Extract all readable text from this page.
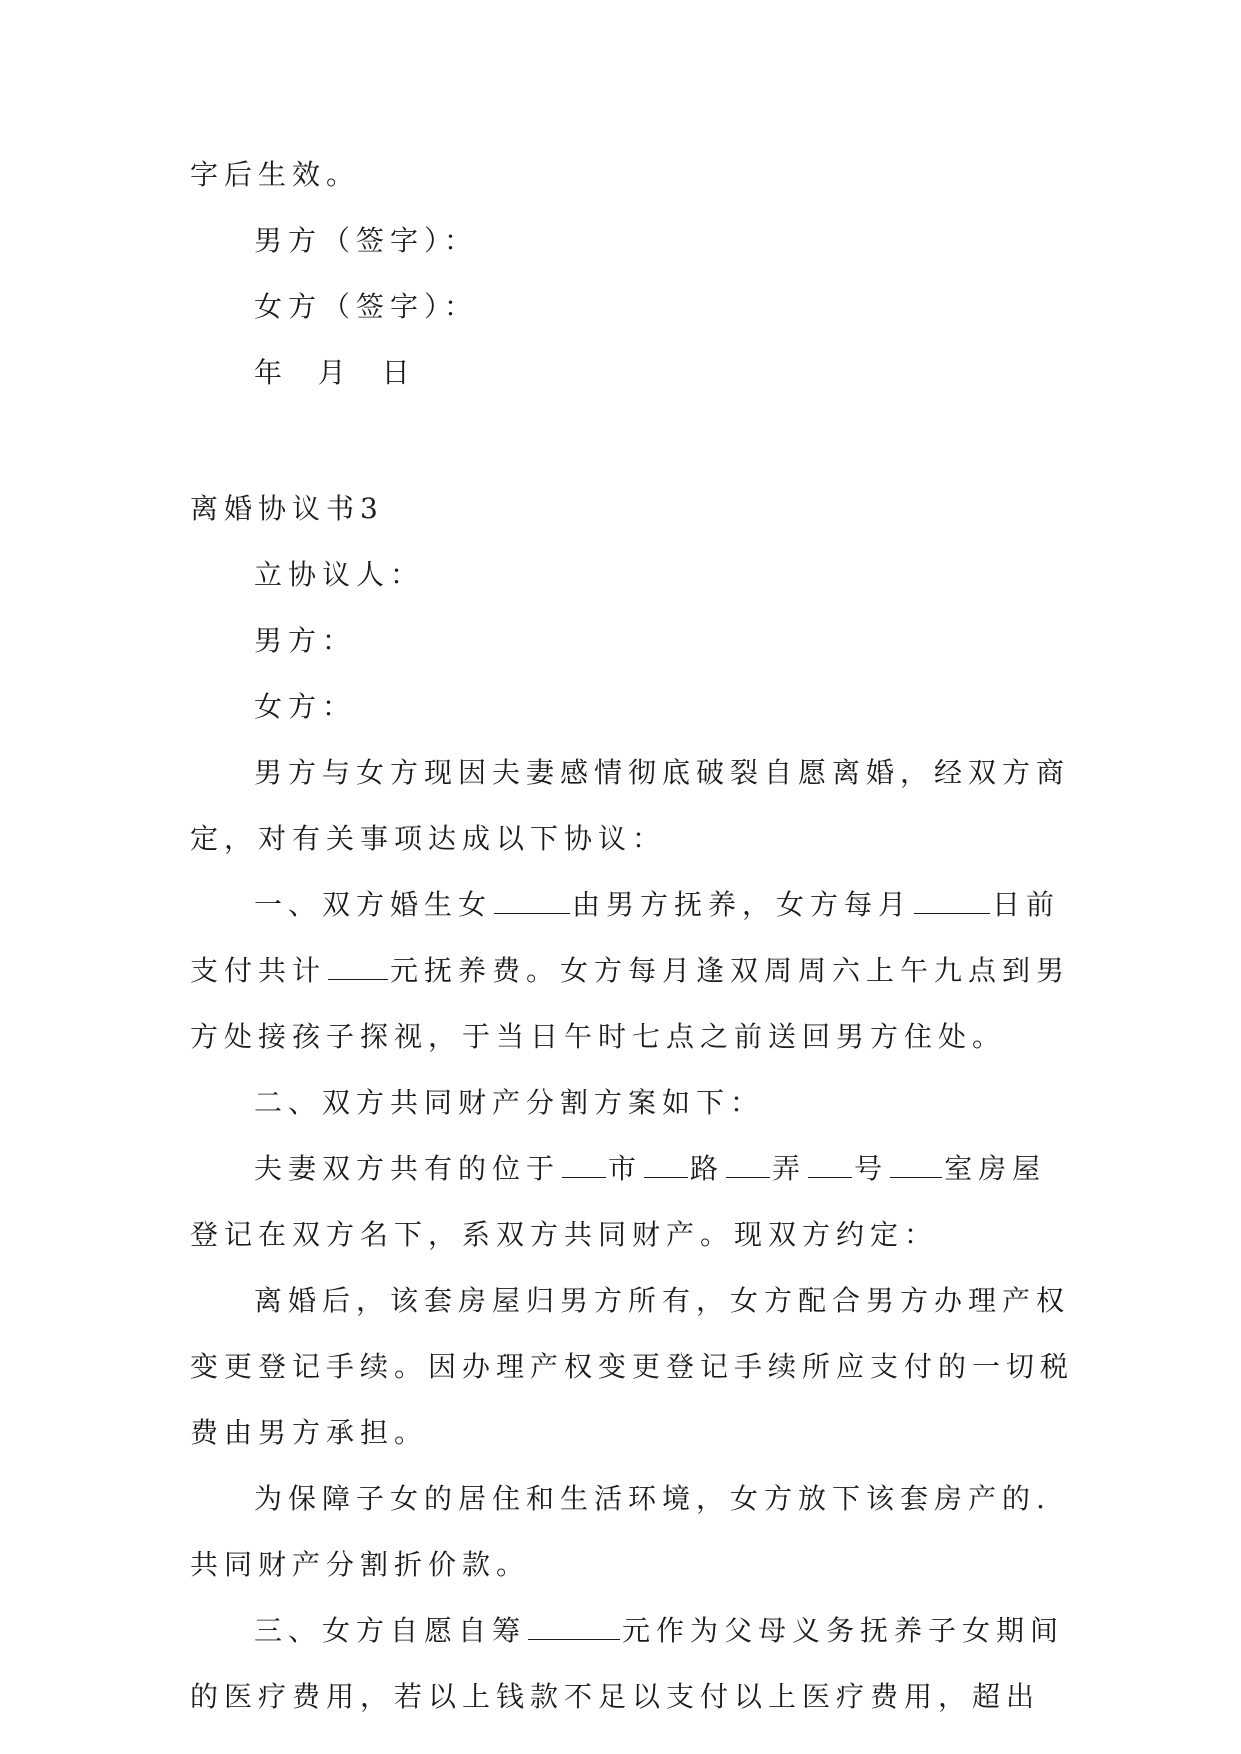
字后生效。
男方（签字）：
女方（签字）：
年  月  日
离婚协议书3
立协议人：
男方：
女方：
男方与女方现因夫妻感情彻底破裂自愿离婚，经双方商
定，对有关事项达成以下协议：
一、双方婚生女	由男方抚养，女方每月	日前
支付共计 元抚养费。女方每月逢双周周六上午九点到男
方处接孩子探视，于当日午时七点之前送回男方住处。
二、双方共同财产分割方案如下：
夫妻双方共有的位于 市 路 弄 号 室房屋
登记在双方名下，系双方共同财产。现双方约定：
离婚后，该套房屋归男方所有，女方配合男方办理产权
变更登记手续。因办理产权变更登记手续所应支付的一切税
费由男方承担。
为保障子女的居住和生活环境，女方放下该套房产的.
共同财产分割折价款。
三、女方自愿自筹	元作为父母义务抚养子女期间
的医疗费用，若以上钱款不足以支付以上医疗费用，超出
